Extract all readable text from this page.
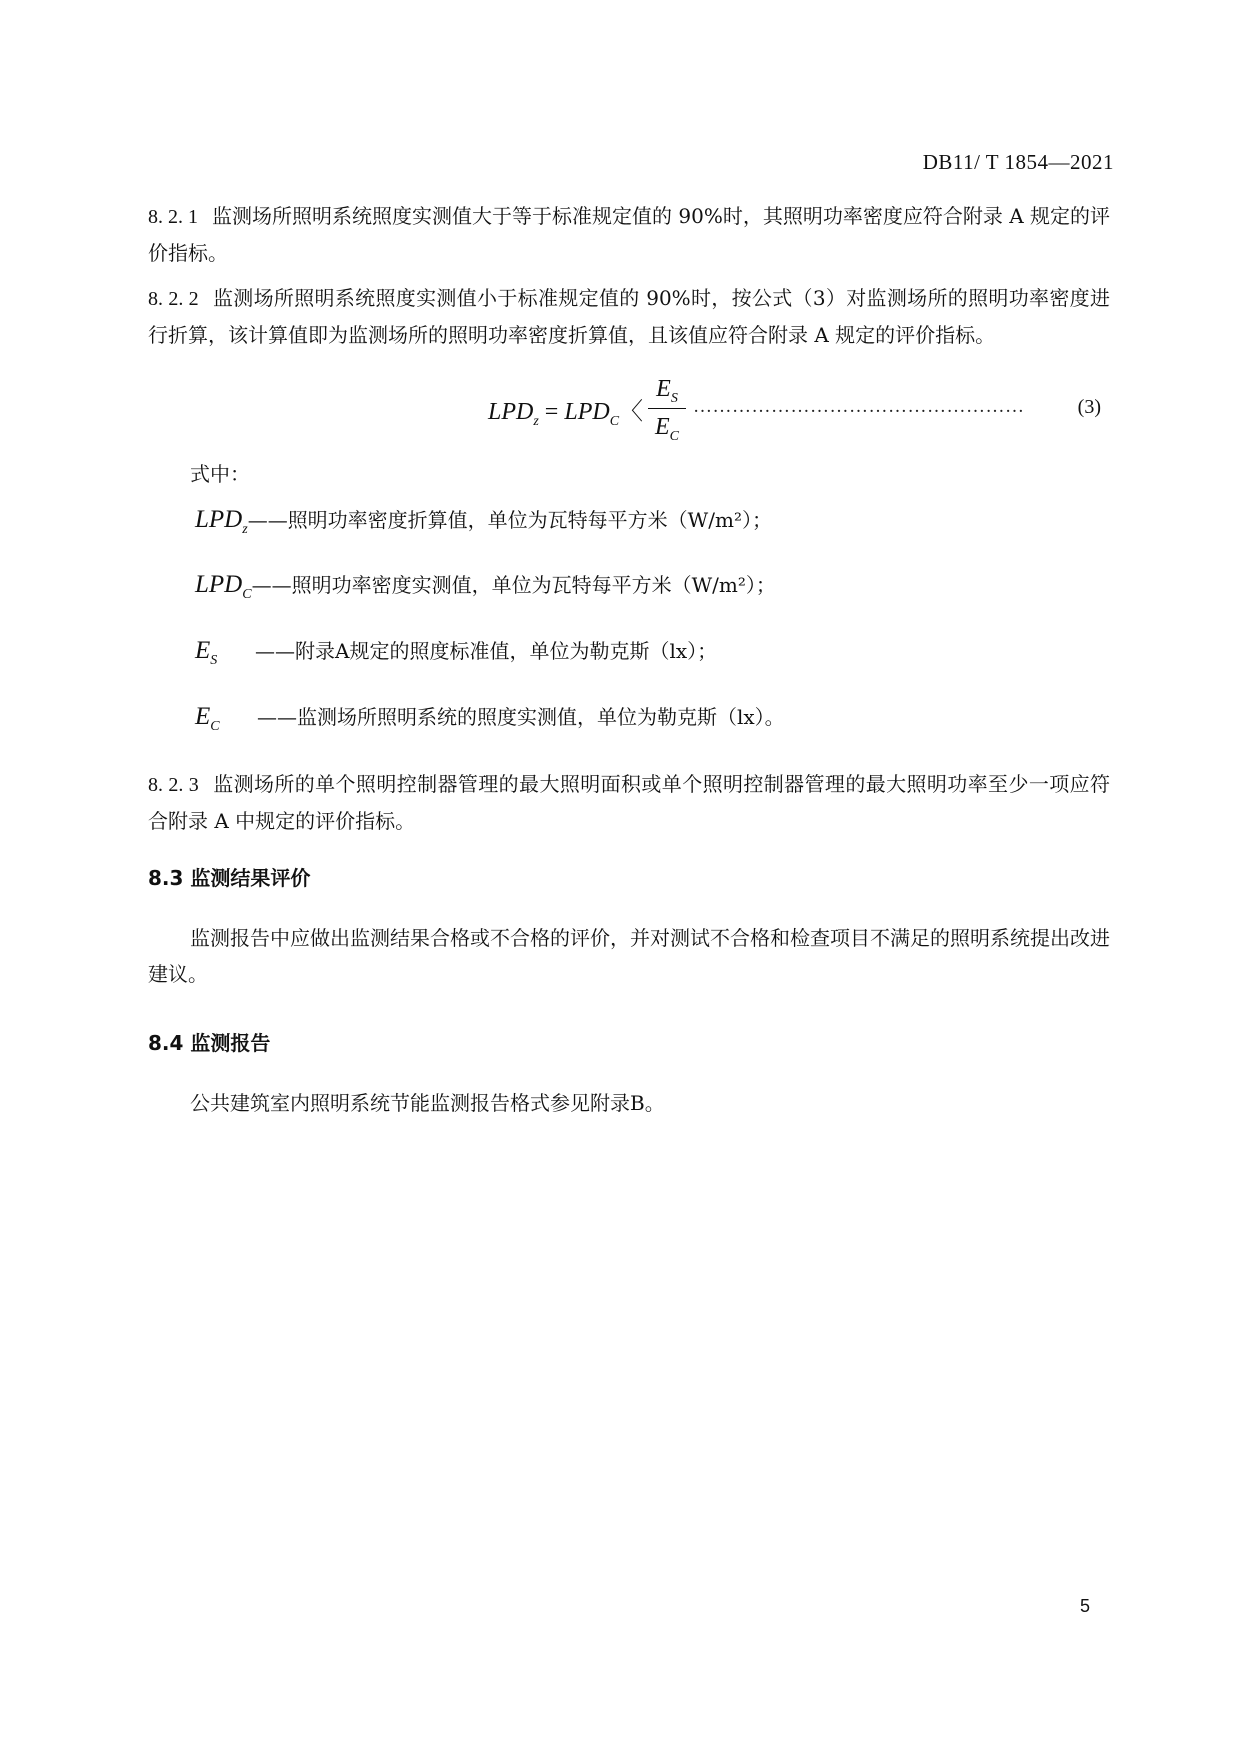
DB11/ T 1854—2021
8. 2. 1 监测场所照明系统照度实测值大于等于标准规定值的 90%时，其照明功率密度应符合附录 A 规定的评价指标。
8. 2. 2 监测场所照明系统照度实测值小于标准规定值的 90%时，按公式（3）对监测场所的照明功率密度进行折算，该计算值即为监测场所的照明功率密度折算值，且该值应符合附录 A 规定的评价指标。
$LPD_z = LPD_C$〈
$E_S$
$E_C$
……………………………………………	(3)
式中：
$LPD_z——$照明功率密度折算值，单位为瓦特每平方米（W/m²）；
$LPD_C——$照明功率密度实测值，单位为瓦特每平方米（W/m²）；
$E_S$ ——附录A规定的照度标准值，单位为勒克斯（lx）；
$E_C$ ——监测场所照明系统的照度实测值，单位为勒克斯（lx）。
8. 2. 3 监测场所的单个照明控制器管理的最大照明面积或单个照明控制器管理的最大照明功率至少一项应符合附录 A 中规定的评价指标。
8.3 监测结果评价
监测报告中应做出监测结果合格或不合格的评价，并对测试不合格和检查项目不满足的照明系统提出改进建议。
8.4 监测报告
公共建筑室内照明系统节能监测报告格式参见附录B。
5
